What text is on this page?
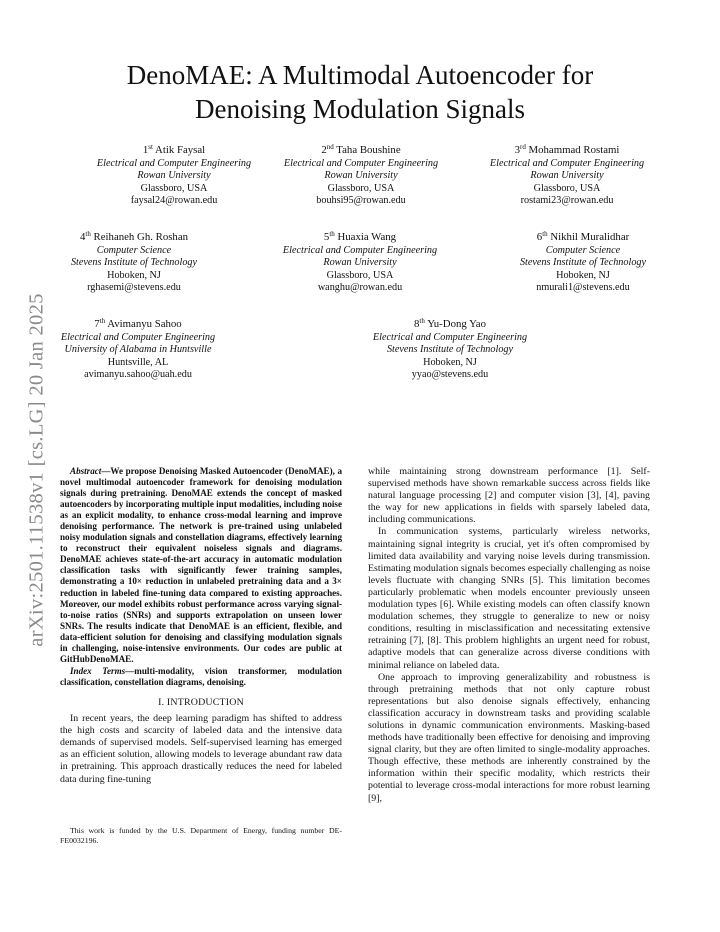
arXiv:2501.11538v1 [cs.LG] 20 Jan 2025
DenoMAE: A Multimodal Autoencoder for
Denoising Modulation Signals
1st Atik Faysal
Electrical and Computer Engineering
Rowan University
Glassboro, USA
faysal24@rowan.edu
2nd Taha Boushine
Electrical and Computer Engineering
Rowan University
Glassboro, USA
bouhsi95@rowan.edu
3rd Mohammad Rostami
Electrical and Computer Engineering
Rowan University
Glassboro, USA
rostami23@rowan.edu
4th Reihaneh Gh. Roshan
Computer Science
Stevens Institute of Technology
Hoboken, NJ
rghasemi@stevens.edu
5th Huaxia Wang
Electrical and Computer Engineering
Rowan University
Glassboro, USA
wanghu@rowan.edu
6th Nikhil Muralidhar
Computer Science
Stevens Institute of Technology
Hoboken, NJ
nmurali1@stevens.edu
7th Avimanyu Sahoo
Electrical and Computer Engineering
University of Alabama in Huntsville
Huntsville, AL
avimanyu.sahoo@uah.edu
8th Yu-Dong Yao
Electrical and Computer Engineering
Stevens Institute of Technology
Hoboken, NJ
yyao@stevens.edu

Abstract—We propose Denoising Masked Autoencoder (DenoMAE), a novel multimodal autoencoder framework for denoising modulation signals during pretraining. DenoMAE extends the concept of masked autoencoders by incorporating multiple input modalities, including noise as an explicit modality, to enhance cross-modal learning and improve denoising performance. The network is pre-trained using unlabeled noisy modulation signals and constellation diagrams, effectively learning to reconstruct their equivalent noiseless signals and diagrams. DenoMAE achieves state-of-the-art accuracy in automatic modulation classification tasks with significantly fewer training samples, demonstrating a 10× reduction in unlabeled pretraining data and a 3× reduction in labeled fine-tuning data compared to existing approaches. Moreover, our model exhibits robust performance across varying signal-to-noise ratios (SNRs) and supports extrapolation on unseen lower SNRs. The results indicate that DenoMAE is an efficient, flexible, and data-efficient solution for denoising and classifying modulation signals in challenging, noise-intensive environments. Our codes are public at GitHubDenoMAE.

Index Terms—multi-modality, vision transformer, modulation classification, constellation diagrams, denoising.

I. INTRODUCTION

In recent years, the deep learning paradigm has shifted to address the high costs and scarcity of labeled data and the intensive data demands of supervised models. Self-supervised learning has emerged as an efficient solution, allowing models to leverage abundant raw data in pretraining. This approach drastically reduces the need for labeled data during fine-tuning

This work is funded by the U.S. Department of Energy, funding number DE-FE0032196.

while maintaining strong downstream performance [1]. Self-supervised methods have shown remarkable success across fields like natural language processing [2] and computer vision [3], [4], paving the way for new applications in fields with sparsely labeled data, including communications.

In communication systems, particularly wireless networks, maintaining signal integrity is crucial, yet it's often compromised by limited data availability and varying noise levels during transmission. Estimating modulation signals becomes especially challenging as noise levels fluctuate with changing SNRs [5]. This limitation becomes particularly problematic when models encounter previously unseen modulation types [6]. While existing models can often classify known modulation schemes, they struggle to generalize to new or noisy conditions, resulting in misclassification and necessitating extensive retraining [7], [8]. This problem highlights an urgent need for robust, adaptive models that can generalize across diverse conditions with minimal reliance on labeled data.

One approach to improving generalizability and robustness is through pretraining methods that not only capture robust representations but also denoise signals effectively, enhancing classification accuracy in downstream tasks and providing scalable solutions in dynamic communication environments. Masking-based methods have traditionally been effective for denoising and improving signal clarity, but they are often limited to single-modality approaches. Though effective, these methods are inherently constrained by the information within their specific modality, which restricts their potential to leverage cross-modal interactions for more robust learning [9],
